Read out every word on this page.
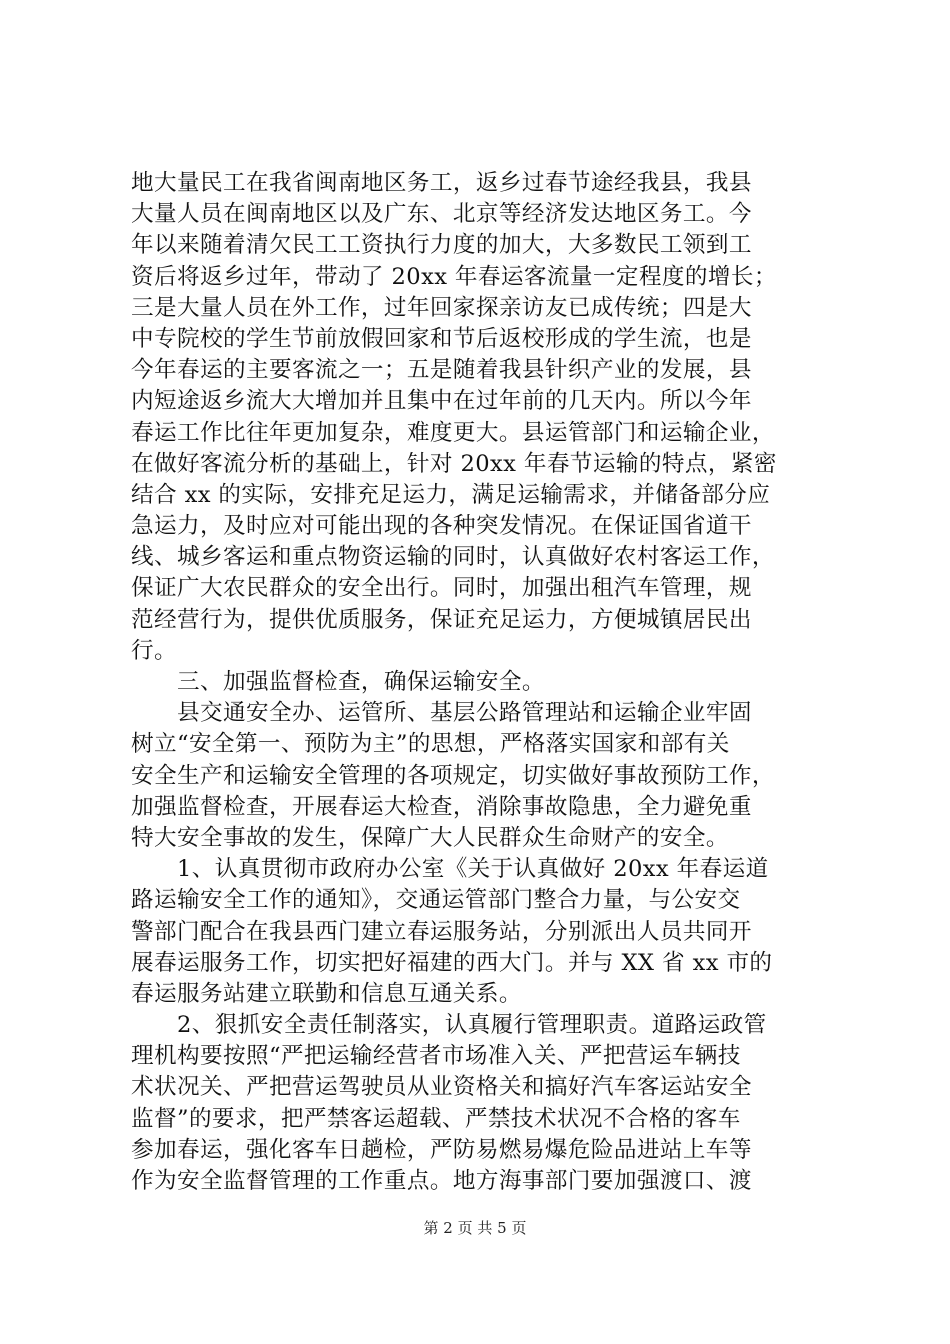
地大量民工在我省闽南地区务工，返乡过春节途经我县，我县
大量人员在闽南地区以及广东、北京等经济发达地区务工。今
年以来随着清欠民工工资执行力度的加大，大多数民工领到工
资后将返乡过年，带动了 20xx 年春运客流量一定程度的增长；
三是大量人员在外工作，过年回家探亲访友已成传统；四是大
中专院校的学生节前放假回家和节后返校形成的学生流，也是
今年春运的主要客流之一；五是随着我县针织产业的发展，县
内短途返乡流大大增加并且集中在过年前的几天内。所以今年
春运工作比往年更加复杂，难度更大。县运管部门和运输企业，
在做好客流分析的基础上，针对 20xx 年春节运输的特点，紧密
结合 xx 的实际，安排充足运力，满足运输需求，并储备部分应
急运力，及时应对可能出现的各种突发情况。在保证国省道干
线、城乡客运和重点物资运输的同时，认真做好农村客运工作，
保证广大农民群众的安全出行。同时，加强出租汽车管理，规
范经营行为，提供优质服务，保证充足运力，方便城镇居民出
行。
　　三、加强监督检查，确保运输安全。
　　县交通安全办、运管所、基层公路管理站和运输企业牢固
树立“安全第一、预防为主”的思想，严格落实国家和部有关
安全生产和运输安全管理的各项规定，切实做好事故预防工作，
加强监督检查，开展春运大检查，消除事故隐患，全力避免重
特大安全事故的发生，保障广大人民群众生命财产的安全。
　　1、认真贯彻市政府办公室《关于认真做好 20xx 年春运道
路运输安全工作的通知》，交通运管部门整合力量，与公安交
警部门配合在我县西门建立春运服务站，分别派出人员共同开
展春运服务工作，切实把好福建的西大门。并与 XX 省 xx 市的
春运服务站建立联勤和信息互通关系。
　　2、狠抓安全责任制落实，认真履行管理职责。道路运政管
理机构要按照“严把运输经营者市场准入关、严把营运车辆技
术状况关、严把营运驾驶员从业资格关和搞好汽车客运站安全
监督”的要求，把严禁客运超载、严禁技术状况不合格的客车
参加春运，强化客车日趟检，严防易燃易爆危险品进站上车等
作为安全监督管理的工作重点。地方海事部门要加强渡口、渡
第 2 页 共 5 页
